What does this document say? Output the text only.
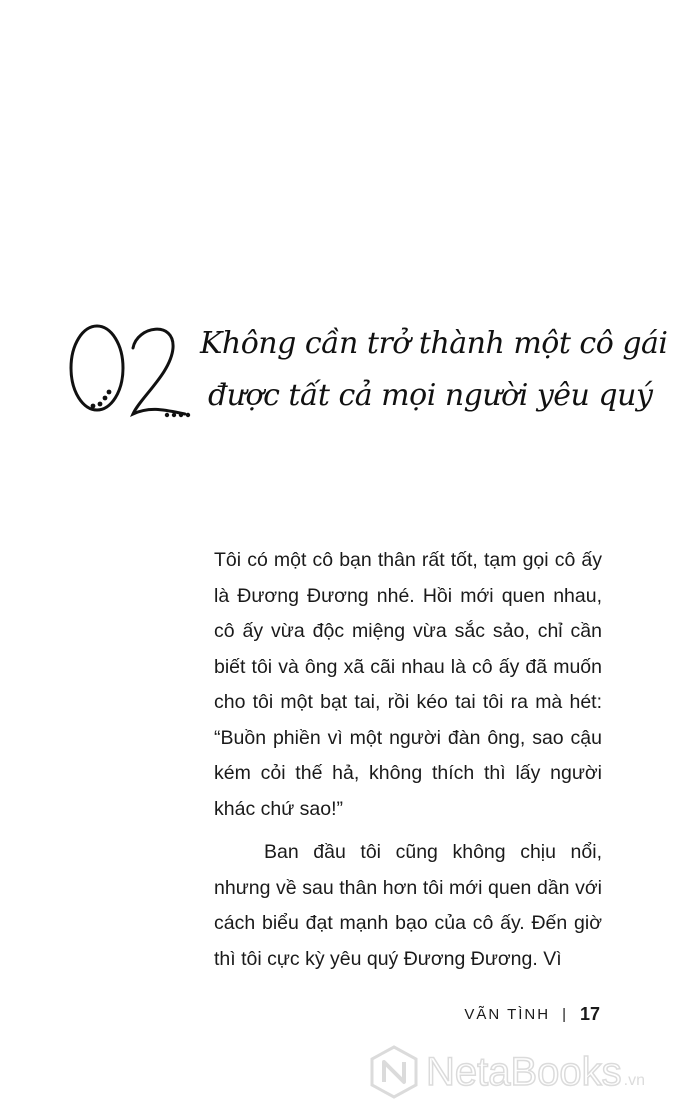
Không cần trở thành một cô gái
được tất cả mọi người yêu quý

Tôi có một cô bạn thân rất tốt, tạm gọi cô ấy là Đương Đương nhé. Hồi mới quen nhau, cô ấy vừa độc miệng vừa sắc sảo, chỉ cần biết tôi và ông xã cãi nhau là cô ấy đã muốn cho tôi một bạt tai, rồi kéo tai tôi ra mà hét: “Buồn phiền vì một người đàn ông, sao cậu kém cỏi thế hả, không thích thì lấy người khác chứ sao!”

Ban đầu tôi cũng không chịu nổi, nhưng về sau thân hơn tôi mới quen dần với cách biểu đạt mạnh bạo của cô ấy. Đến giờ thì tôi cực kỳ yêu quý Đương Đương. Vì

VÃN TÌNH | 17
NetaBooks .vn
